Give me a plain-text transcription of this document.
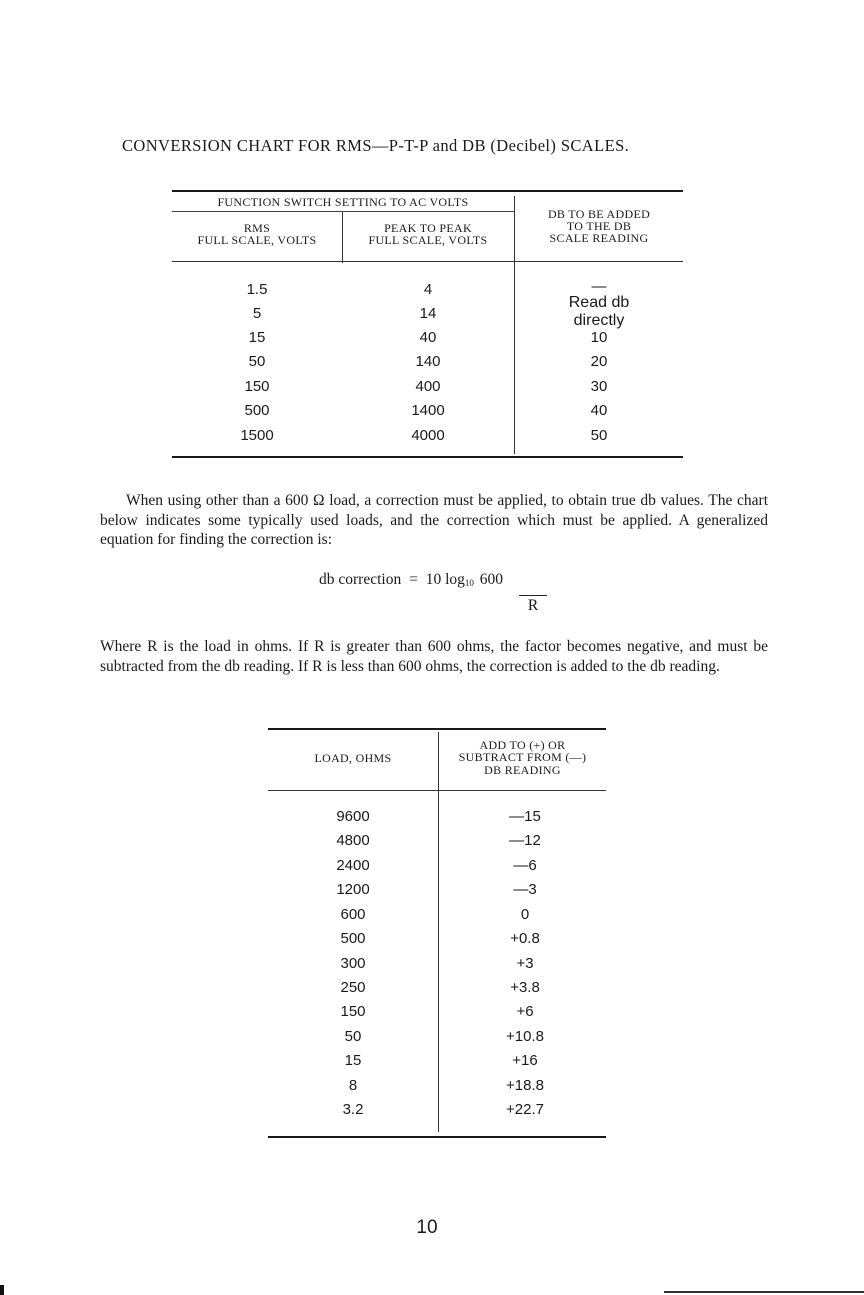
CONVERSION CHART FOR RMS—P-T-P and DB (Decibel) SCALES.
FUNCTION SWITCH SETTING TO AC VOLTS
RMS
FULL SCALE, VOLTS
PEAK TO PEAK
FULL SCALE, VOLTS
DB TO BE ADDED
TO THE DB
SCALE READING
1.5
5
15
50
150
500
1500
4
14
40
140
400
1400
4000
—
Read db
directly
10
20
30
40
50
When using other than a 600 Ω load, a correction must be applied, to obtain true db values. The chart below indicates some typically used loads, and the correction which must be applied. A generalized equation for finding the correction is:
db correction = 10 $\log_{10} 600$
R
Where R is the load in ohms. If R is greater than 600 ohms, the factor becomes negative, and must be subtracted from the db reading. If R is less than 600 ohms, the correction is added to the db reading.
LOAD, OHMS
ADD TO (+) OR
SUBTRACT FROM (—)
DB READING
9600
4800
2400
1200
600
500
300
250
150
50
15
8
3.2
—15
—12
—6
—3
0
+0.8
+3
+3.8
+6
+10.8
+16
+18.8
+22.7
10
